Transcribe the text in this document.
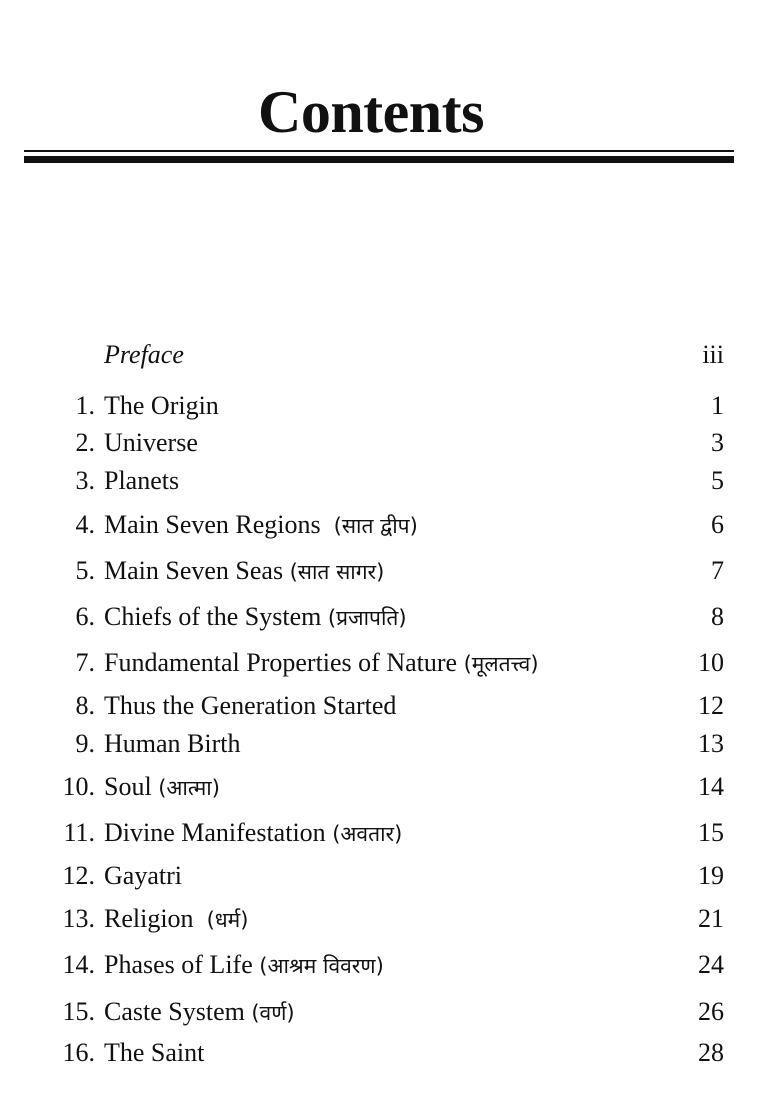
Contents
Preface	iii
1. The Origin	1
2. Universe	3
3. Planets	5
4. Main Seven Regions (सात द्वीप)	6
5. Main Seven Seas (सात सागर)	7
6. Chiefs of the System (प्रजापति)	8
7. Fundamental Properties of Nature (मूलतत्त्व)	10
8. Thus the Generation Started	12
9. Human Birth	13
10. Soul (आत्मा)	14
11. Divine Manifestation (अवतार)	15
12. Gayatri	19
13. Religion (धर्म)	21
14. Phases of Life (आश्रम विवरण)	24
15. Caste System (वर्ण)	26
16. The Saint	28
